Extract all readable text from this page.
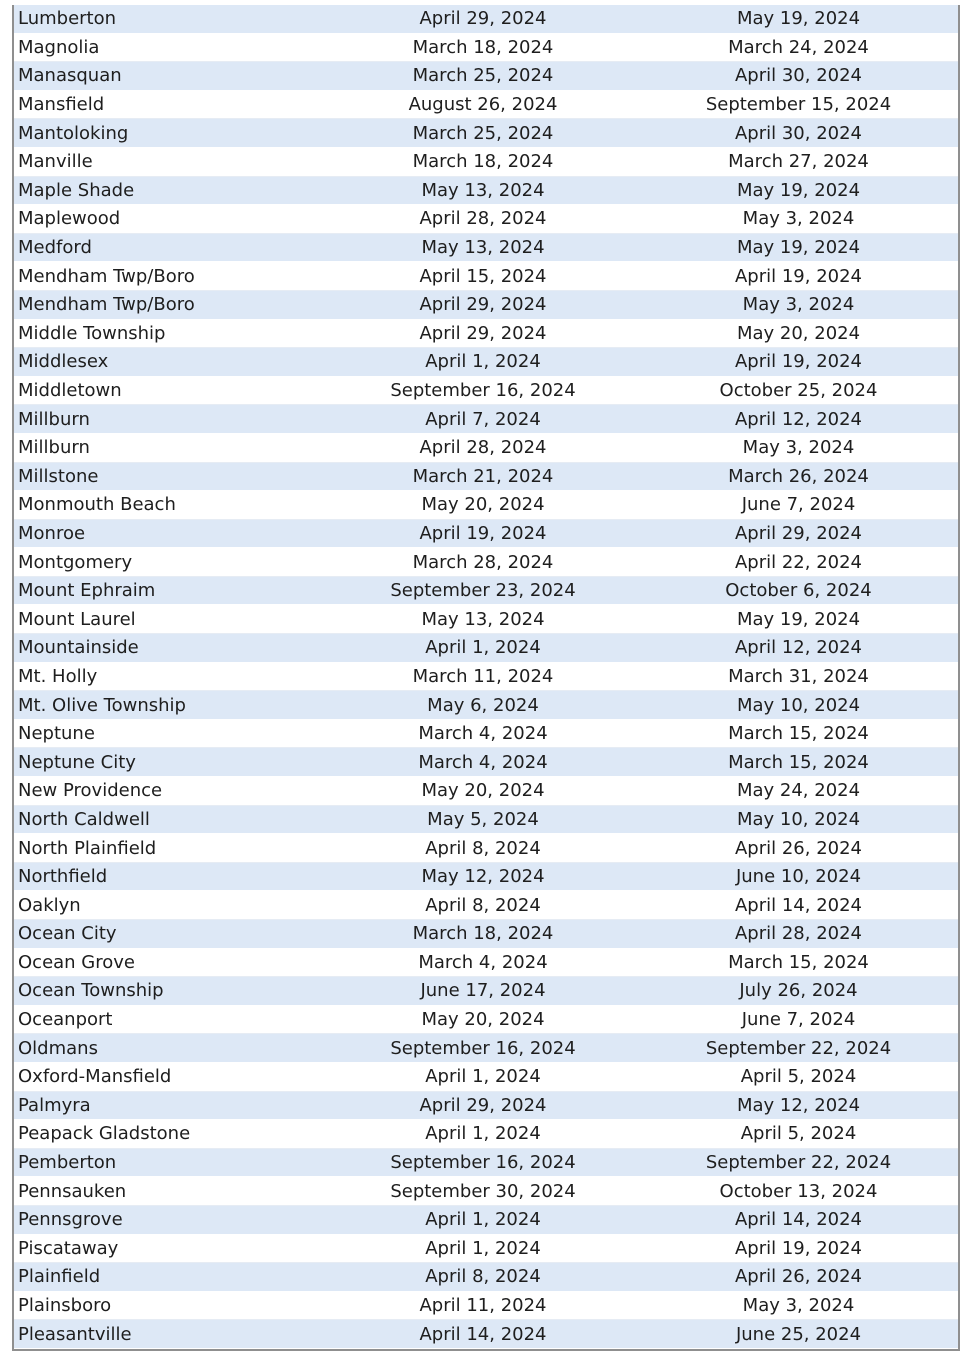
Lumberton	April 29, 2024	May 19, 2024
Magnolia	March 18, 2024	March 24, 2024
Manasquan	March 25, 2024	April 30, 2024
Mansfield	August 26, 2024	September 15, 2024
Mantoloking	March 25, 2024	April 30, 2024
Manville	March 18, 2024	March 27, 2024
Maple Shade	May 13, 2024	May 19, 2024
Maplewood	April 28, 2024	May 3, 2024
Medford	May 13, 2024	May 19, 2024
Mendham Twp/Boro	April 15, 2024	April 19, 2024
Mendham Twp/Boro	April 29, 2024	May 3, 2024
Middle Township	April 29, 2024	May 20, 2024
Middlesex	April 1, 2024	April 19, 2024
Middletown	September 16, 2024	October 25, 2024
Millburn	April 7, 2024	April 12, 2024
Millburn	April 28, 2024	May 3, 2024
Millstone	March 21, 2024	March 26, 2024
Monmouth Beach	May 20, 2024	June 7, 2024
Monroe	April 19, 2024	April 29, 2024
Montgomery	March 28, 2024	April 22, 2024
Mount Ephraim	September 23, 2024	October 6, 2024
Mount Laurel	May 13, 2024	May 19, 2024
Mountainside	April 1, 2024	April 12, 2024
Mt. Holly	March 11, 2024	March 31, 2024
Mt. Olive Township	May 6, 2024	May 10, 2024
Neptune	March 4, 2024	March 15, 2024
Neptune City	March 4, 2024	March 15, 2024
New Providence	May 20, 2024	May 24, 2024
North Caldwell	May 5, 2024	May 10, 2024
North Plainfield	April 8, 2024	April 26, 2024
Northfield	May 12, 2024	June 10, 2024
Oaklyn	April 8, 2024	April 14, 2024
Ocean City	March 18, 2024	April 28, 2024
Ocean Grove	March 4, 2024	March 15, 2024
Ocean Township	June 17, 2024	July 26, 2024
Oceanport	May 20, 2024	June 7, 2024
Oldmans	September 16, 2024	September 22, 2024
Oxford-Mansfield	April 1, 2024	April 5, 2024
Palmyra	April 29, 2024	May 12, 2024
Peapack Gladstone	April 1, 2024	April 5, 2024
Pemberton	September 16, 2024	September 22, 2024
Pennsauken	September 30, 2024	October 13, 2024
Pennsgrove	April 1, 2024	April 14, 2024
Piscataway	April 1, 2024	April 19, 2024
Plainfield	April 8, 2024	April 26, 2024
Plainsboro	April 11, 2024	May 3, 2024
Pleasantville	April 14, 2024	June 25, 2024
